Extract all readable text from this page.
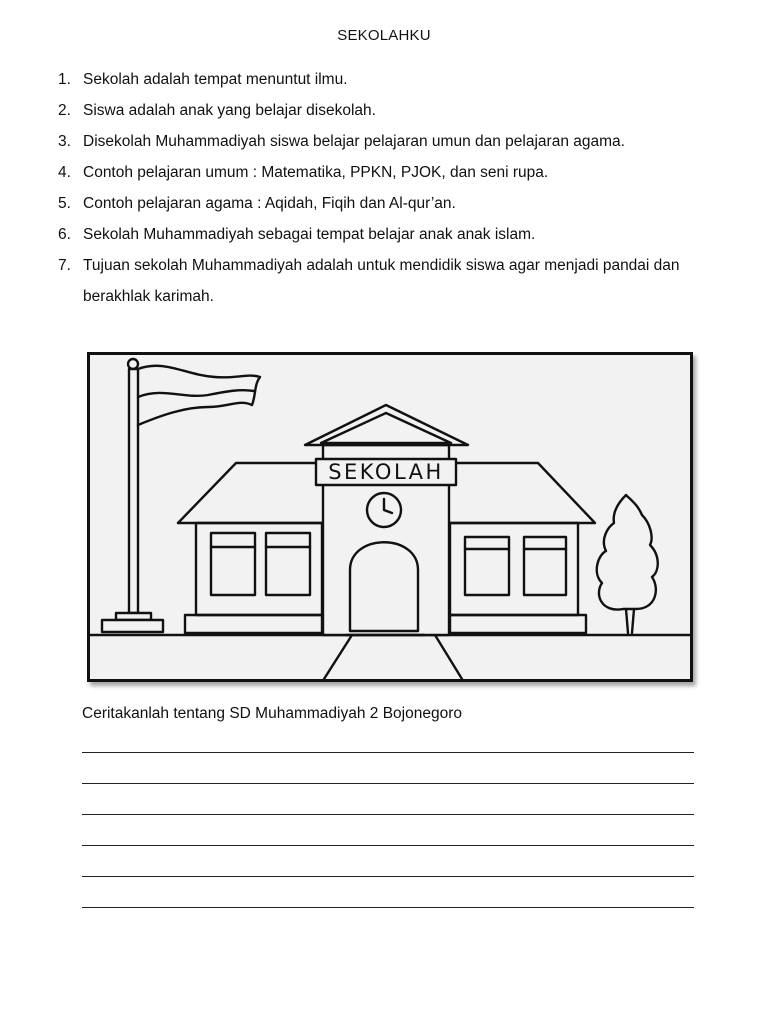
SEKOLAHKU
1. Sekolah adalah tempat menuntut ilmu.
2. Siswa adalah anak yang belajar disekolah.
3. Disekolah Muhammadiyah siswa belajar pelajaran umun dan pelajaran agama.
4. Contoh pelajaran umum : Matematika, PPKN, PJOK, dan seni rupa.
5. Contoh pelajaran agama : Aqidah, Fiqih dan Al-qur’an.
6. Sekolah Muhammadiyah sebagai tempat belajar anak anak islam.
7. Tujuan sekolah Muhammadiyah adalah untuk mendidik siswa agar menjadi pandai dan berakhlak karimah.
SEKOLAH
Ceritakanlah tentang SD Muhammadiyah 2 Bojonegoro
